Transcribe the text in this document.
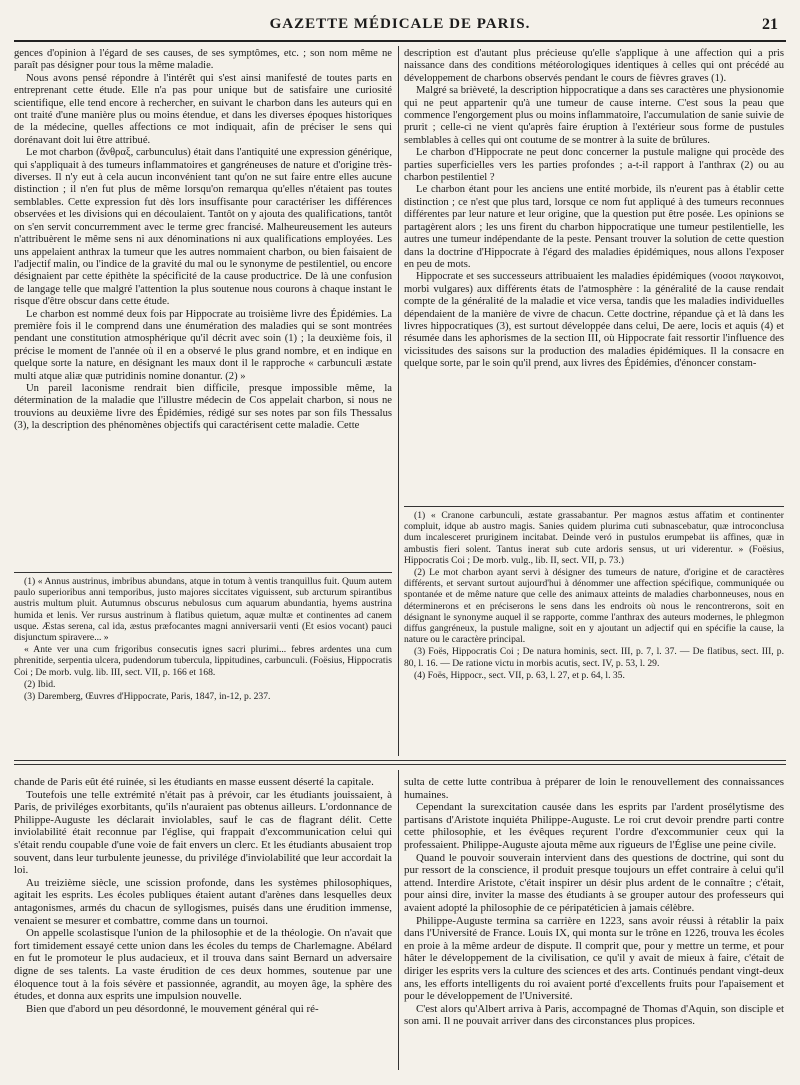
GAZETTE MÉDICALE DE PARIS.	21

gences d'opinion à l'égard de ses causes, de ses symptômes, etc. ; son nom même ne paraît pas désigner pour tous la même maladie.

Nous avons pensé répondre à l'intérêt qui s'est ainsi manifesté de toutes parts en entreprenant cette étude. Elle n'a pas pour unique but de satisfaire une curiosité scientifique, elle tend encore à rechercher, en suivant le charbon dans les auteurs qui en ont traité d'une manière plus ou moins étendue, et dans les diverses époques historiques de la médecine, quelles affections ce mot indiquait, afin de préciser le sens qui dorénavant doit lui être attribué.

Le mot charbon (ἄνθραξ, carbunculus) était dans l'antiquité une expression générique, qui s'appliquait à des tumeurs inflammatoires et gangréneuses de nature et d'origine très-diverses. Il n'y eut à cela aucun inconvénient tant qu'on ne sut faire entre elles aucune distinction ; il n'en fut plus de même lorsqu'on remarqua qu'elles n'étaient pas toutes semblables. Cette expression fut dès lors insuffisante pour caractériser les différences observées et les divisions qui en découlaient. Tantôt on y ajouta des qualifications, tantôt on s'en servit concurremment avec le terme grec francisé. Malheureusement les auteurs n'attribuèrent le même sens ni aux dénominations ni aux qualifications employées. Les uns appelaient anthrax la tumeur que les autres nommaient charbon, ou bien faisaient de l'adjectif malin, ou l'indice de la gravité du mal ou le synonyme de pestilentiel, ou encore désignaient par cette épithète la spécificité de la cause productrice. De là une confusion de langage telle que malgré l'attention la plus soutenue nous courons à chaque instant le risque d'être obscur dans cette étude.

Le charbon est nommé deux fois par Hippocrate au troisième livre des Épidémies. La première fois il le comprend dans une énumération des maladies qui se sont montrées pendant une constitution atmosphérique qu'il décrit avec soin (1) ; la deuxième fois, il précise le moment de l'année où il en a observé le plus grand nombre, et en indique en quelque sorte la nature, en désignant les maux dont il le rapproche « carbunculi æstate multi atque aliæ quæ putridinis nomine donantur. (2) »

Un pareil laconisme rendrait bien difficile, presque impossible même, la détermination de la maladie que l'illustre médecin de Cos appelait charbon, si nous ne trouvions au deuxième livre des Épidémies, rédigé sur ses notes par son fils Thessalus (3), la description des phénomènes objectifs qui caractérisent cette maladie. Cette

(1) « Annus austrinus, imbribus abundans, atque in totum à ventis tranquillus fuit. Quum autem paulo superioribus anni temporibus, justo majores siccitates viguissent, sub arcturum spirantibus austris multum pluit. Autumnus obscurus nebulosus cum aquarum abundantia, hyems austrina humida et lenis. Ver rursus austrinum à flatibus quietum, aquæ multæ et continentes ad canem usque. Æstas serena, cal ida, æstus præfocantes magni anniversarii venti (Et esios vocant) pauci disjunctum spiravere... »

« Ante ver una cum frigoribus consecutis ignes sacri plurimi... febres ardentes una cum phrenitide, serpentia ulcera, pudendorum tubercula, lippitudines, carbunculi. (Foësius, Hippocratis Coi ; De morb. vulg. lib. III, sect. VII, p. 166 et 168.

(2) Ibid.

(3) Daremberg, Œuvres d'Hippocrate, Paris, 1847, in-12, p. 237.

description est d'autant plus précieuse qu'elle s'applique à une affection qui a pris naissance dans des conditions météorologiques identiques à celles qui ont précédé au développement de charbons observés pendant le cours de fièvres graves (1).

Malgré sa brièveté, la description hippocratique a dans ses caractères une physionomie qui ne peut appartenir qu'à une tumeur de cause interne. C'est sous la peau que commence l'engorgement plus ou moins inflammatoire, l'accumulation de sanie suivie de prurit ; celle-ci ne vient qu'après faire éruption à l'extérieur sous forme de pustules semblables à celles qui ont coutume de se montrer à la suite de brûlures.

Le charbon d'Hippocrate ne peut donc concerner la pustule maligne qui procède des parties superficielles vers les parties profondes ; a-t-il rapport à l'anthrax (2) ou au charbon pestilentiel ?

Le charbon étant pour les anciens une entité morbide, ils n'eurent pas à établir cette distinction ; ce n'est que plus tard, lorsque ce nom fut appliqué à des tumeurs reconnues différentes par leur nature et leur origine, que la question put être posée. Les opinions se partagèrent alors ; les uns firent du charbon hippocratique une tumeur pestilentielle, les autres une tumeur indépendante de la peste. Pensant trouver la solution de cette question dans la doctrine d'Hippocrate à l'égard des maladies épidémiques, nous allons l'exposer en peu de mots.

Hippocrate et ses successeurs attribuaient les maladies épidémiques (νοσοι παγκοινοι, morbi vulgares) aux différents états de l'atmosphère : la généralité de la cause rendait compte de la généralité de la maladie et vice versa, tandis que les maladies individuelles dépendaient de la manière de vivre de chacun. Cette doctrine, répandue çà et là dans les livres hippocratiques (3), est surtout développée dans celui, De aere, locis et aquis (4) et résumée dans les aphorismes de la section III, où Hippocrate fait ressortir l'influence des vicissitudes des saisons sur la production des maladies épidémiques. Il la consacre en quelque sorte, par le soin qu'il prend, aux livres des Épidémies, d'énoncer constam-

(1) « Cranone carbunculi, æstate grassabantur. Per magnos æstus affatim et continenter compluit, idque ab austro magis. Sanies quidem plurima cuti subnascebatur, quæ introconclusa dum incalesceret pruriginem incitabat. Deinde veró in pustulos erumpebat iis affines, quæ in ambustis fieri solent. Tantus inerat sub cute ardoris sensus, ut uri viderentur. » (Foësius, Hippocratis Coi ; De morb. vulg., lib. II, sect. VII, p. 73.)

(2) Le mot charbon ayant servi à désigner des tumeurs de nature, d'origine et de caractères différents, et servant surtout aujourd'hui à dénommer une affection spécifique, communiquée ou spontanée et de même nature que celle des animaux atteints de maladies charbonneuses, nous en déterminerons et en préciserons le sens dans les endroits où nous le rencontrerons, soit en désignant le synonyme auquel il se rapporte, comme l'anthrax des auteurs modernes, le phlegmon diffus gangréneux, la pustule maligne, soit en y ajoutant un adjectif qui en spécifie la cause, la nature ou le caractère principal.

(3) Foës, Hippocratis Coi ; De natura hominis, sect. III, p. 7, l. 37. — De flatibus, sect. III, p. 80, l. 16. — De ratione victu in morbis acutis, sect. IV, p. 53, l. 29.

(4) Foës, Hippocr., sect. VII, p. 63, l. 27, et p. 64, l. 35.

chande de Paris eût été ruinée, si les étudiants en masse eussent déserté la capitale.

Toutefois une telle extrémité n'était pas à prévoir, car les étudiants jouissaient, à Paris, de priviléges exorbitants, qu'ils n'auraient pas obtenus ailleurs. L'ordonnance de Philippe-Auguste les déclarait inviolables, sauf le cas de flagrant délit. Cette inviolabilité était reconnue par l'église, qui frappait d'excommunication celui qui s'était rendu coupable d'une voie de fait envers un clerc. Et les étudiants abusaient trop souvent, dans leur turbulente jeunesse, du privilége d'inviolabilité que leur accordait la loi.

Au treizième siècle, une scission profonde, dans les systèmes philosophiques, agitait les esprits. Les écoles publiques étaient autant d'arènes dans lesquelles deux antagonismes, armés du chacun de syllogismes, puisés dans une érudition immense, venaient se mesurer et combattre, comme dans un tournoi.

On appelle scolastisque l'union de la philosophie et de la théologie. On n'avait que fort timidement essayé cette union dans les écoles du temps de Charlemagne. Abélard en fut le promoteur le plus audacieux, et il trouva dans saint Bernard un adversaire digne de ses talents. La vaste érudition de ces deux hommes, soutenue par une éloquence tout à la fois sévère et passionnée, agrandit, au moyen âge, la sphère des études, et donna aux esprits une impulsion nouvelle.

Bien que d'abord un peu désordonné, le mouvement général qui ré-

sulta de cette lutte contribua à préparer de loin le renouvellement des connaissances humaines.

Cependant la surexcitation causée dans les esprits par l'ardent prosélytisme des partisans d'Aristote inquiéta Philippe-Auguste. Le roi crut devoir prendre parti contre cette philosophie, et les évêques reçurent l'ordre d'excommunier ceux qui la professaient. Philippe-Auguste ajouta même aux rigueurs de l'Église une peine civile.

Quand le pouvoir souverain intervient dans des questions de doctrine, qui sont du pur ressort de la conscience, il produit presque toujours un effet contraire à celui qu'il attend. Interdire Aristote, c'était inspirer un désir plus ardent de le connaître ; c'était, pour ainsi dire, inviter la masse des étudiants à se grouper autour des professeurs qui avaient adopté la philosophie de ce péripatéticien à jamais célèbre.

Philippe-Auguste termina sa carrière en 1223, sans avoir réussi à rétablir la paix dans l'Université de France. Louis IX, qui monta sur le trône en 1226, trouva les écoles en proie à la même ardeur de dispute. Il comprit que, pour y mettre un terme, et pour hâter le développement de la civilisation, ce qu'il y avait de mieux à faire, c'était de diriger les esprits vers la culture des sciences et des arts. Continués pendant vingt-deux ans, les efforts intelligents du roi avaient porté d'excellents fruits pour l'apaisement et pour le développement de l'Université.

C'est alors qu'Albert arriva à Paris, accompagné de Thomas d'Aquin, son disciple et son ami. Il ne pouvait arriver dans des circonstances plus propices.
